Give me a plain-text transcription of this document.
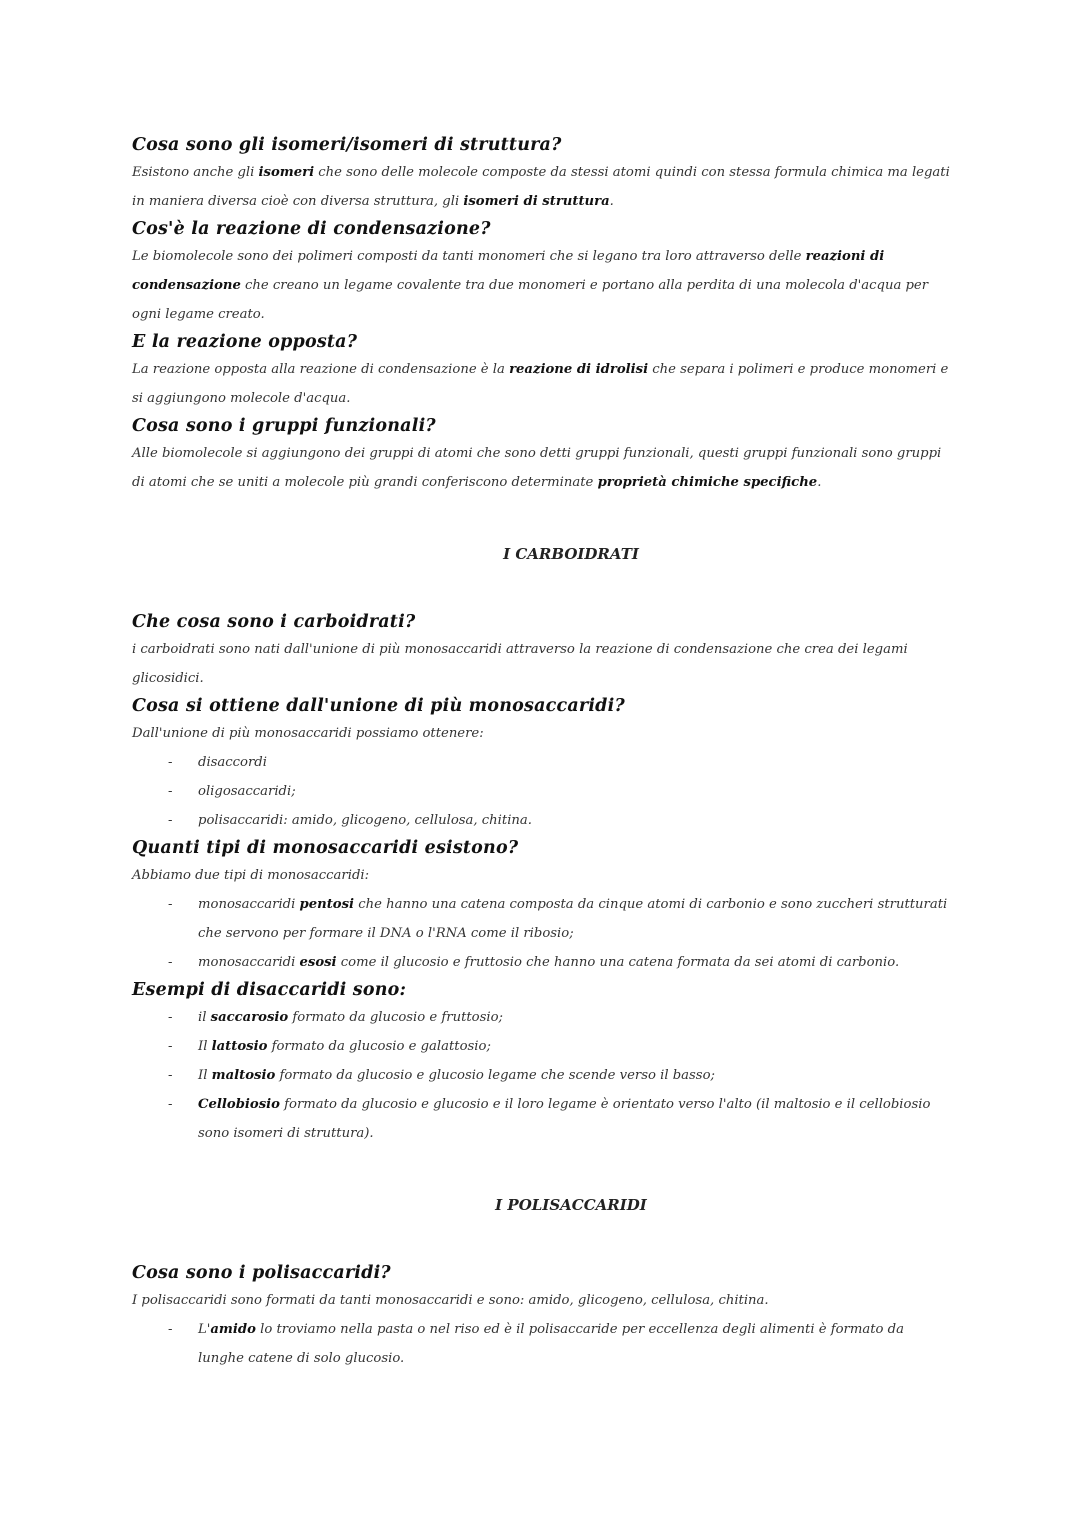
Cosa sono gli isomeri/isomeri di struttura?

Esistono anche gli isomeri che sono delle molecole composte da stessi atomi quindi con stessa formula chimica ma legati in maniera diversa cioè con diversa struttura, gli isomeri di struttura.

Cos'è la reazione di condensazione?

Le biomolecole sono dei polimeri composti da tanti monomeri che si legano tra loro attraverso delle reazioni di condensazione che creano un legame covalente tra due monomeri e portano alla perdita di una molecola d'acqua per ogni legame creato.

E la reazione opposta?

La reazione opposta alla reazione di condensazione è la reazione di idrolisi che separa i polimeri e produce monomeri e si aggiungono molecole d'acqua.

Cosa sono i gruppi funzionali?

Alle biomolecole si aggiungono dei gruppi di atomi che sono detti gruppi funzionali, questi gruppi funzionali sono gruppi di atomi che se uniti a molecole più grandi conferiscono determinate proprietà chimiche specifiche.

I CARBOIDRATI
Che cosa sono i carboidrati?

i carboidrati sono nati dall'unione di più monosaccaridi attraverso la reazione di condensazione che crea dei legami glicosidici.

Cosa si ottiene dall'unione di più monosaccaridi?

Dall'unione di più monosaccaridi possiamo ottenere:

- disaccordi
- oligosaccaridi;
- polisaccaridi: amido, glicogeno, cellulosa, chitina.
Quanti tipi di monosaccaridi esistono?

Abbiamo due tipi di monosaccaridi:

- monosaccaridi pentosi che hanno una catena composta da cinque atomi di carbonio e sono zuccheri strutturati che servono per formare il DNA o l'RNA come il ribosio;
- monosaccaridi esosi come il glucosio e fruttosio che hanno una catena formata da sei atomi di carbonio.
Esempi di disaccaridi sono:
- il saccarosio formato da glucosio e fruttosio;
- Il lattosio formato da glucosio e galattosio;
- Il maltosio formato da glucosio e glucosio legame che scende verso il basso;
- Cellobiosio formato da glucosio e glucosio e il loro legame è orientato verso l'alto (il maltosio e il cellobiosio sono isomeri di struttura).
I POLISACCARIDI
Cosa sono i polisaccaridi?

I polisaccaridi sono formati da tanti monosaccaridi e sono: amido, glicogeno, cellulosa, chitina.

- L'amido lo troviamo nella pasta o nel riso ed è il polisaccaride per eccellenza degli alimenti è formato da lunghe catene di solo glucosio.
